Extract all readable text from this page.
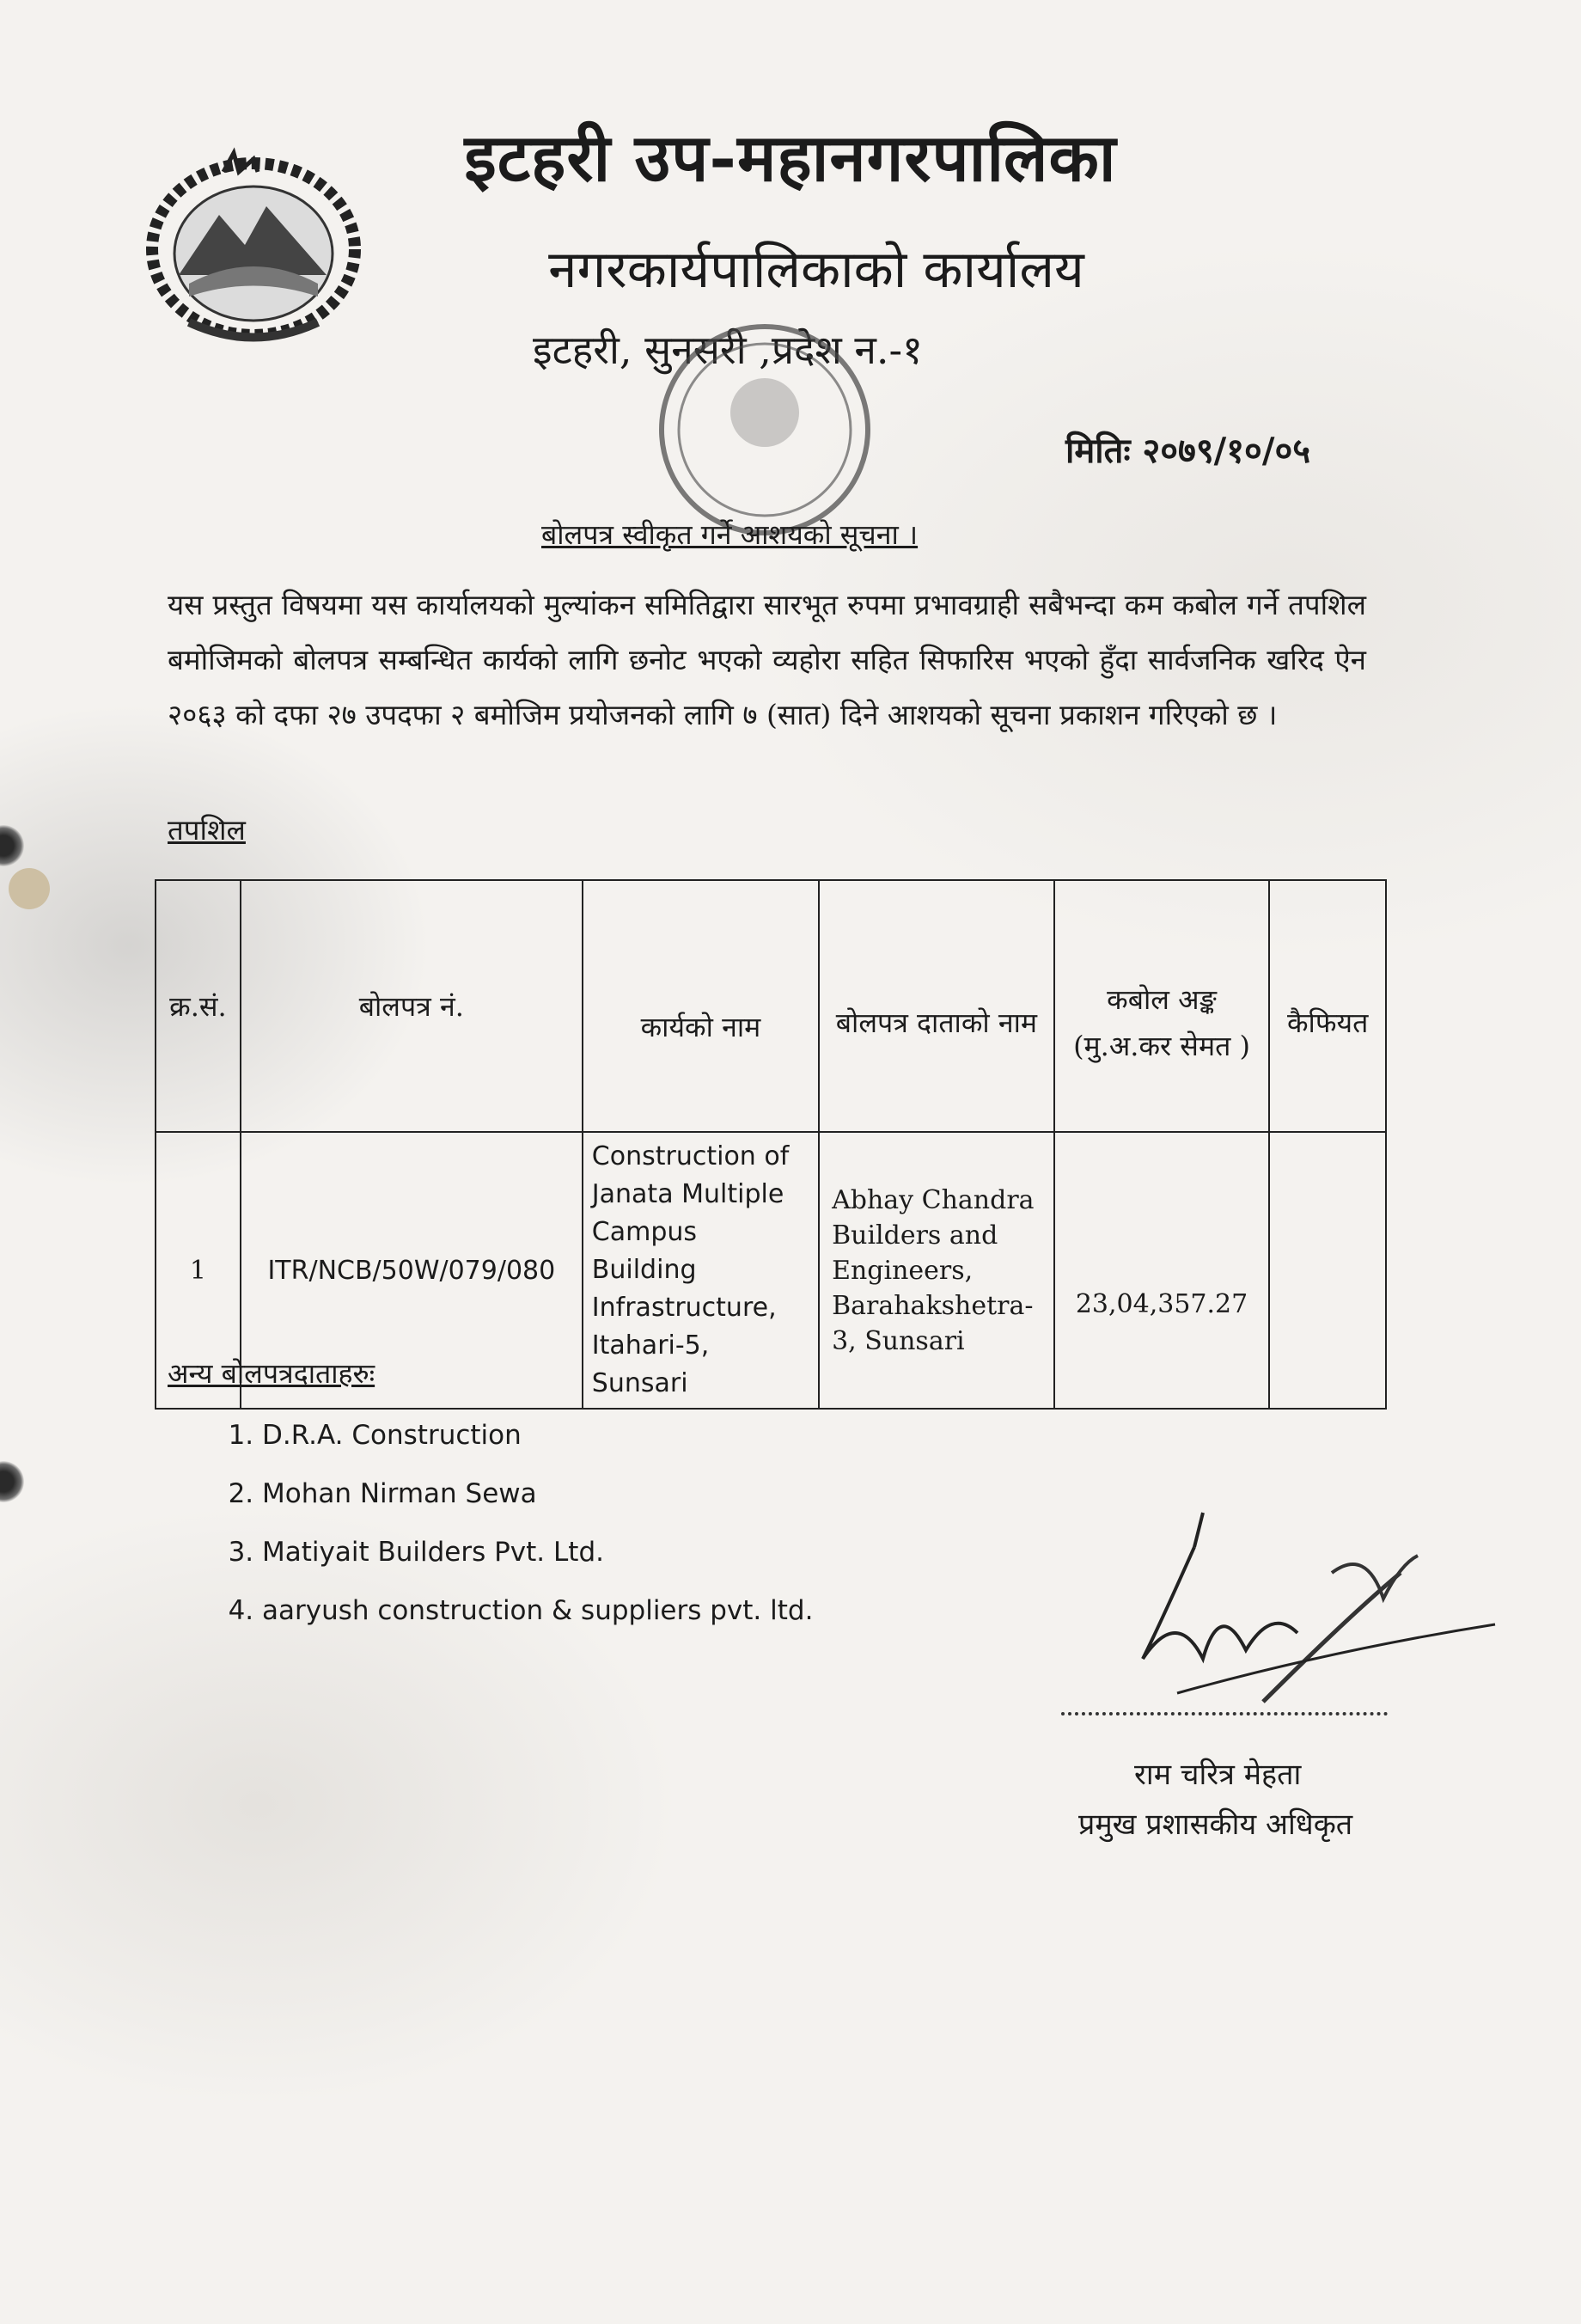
इटहरी उप-महानगरपालिका
नगरकार्यपालिकाको कार्यालय
इटहरी, सुनसरी ,प्रदेश न.-१
मितिः २०७९/१०/०५
बोलपत्र स्वीकृत गर्ने आशयको सूचना ।
यस प्रस्तुत विषयमा यस कार्यालयको मुल्यांकन समितिद्वारा सारभूत रुपमा प्रभावग्राही सबैभन्दा कम कबोल गर्ने तपशिल बमोजिमको बोलपत्र सम्बन्धित कार्यको लागि छनोट भएको व्यहोरा सहित सिफारिस भएको हुँदा सार्वजनिक खरिद ऐन २०६३ को दफा २७ उपदफा २ बमोजिम प्रयोजनको लागि ७ (सात) दिने आशयको सूचना प्रकाशन गरिएको छ ।
तपशिल
क्र.सं.	बोलपत्र नं.	कार्यको नाम	बोलपत्र दाताको नाम	कबोल अङ्क (मु.अ.कर सेमत )	कैफियत
1	ITR/NCB/50W/079/080	Construction of Janata Multiple Campus Building Infrastructure, Itahari-5, Sunsari	Abhay Chandra Builders and Engineers, Barahakshetra-3, Sunsari	23,04,357.27	
अन्य बोलपत्रदाताहरुः
1. D.R.A. Construction
2. Mohan Nirman Sewa
3. Matiyait Builders Pvt. Ltd.
4. aaryush construction & suppliers pvt. ltd.
राम चरित्र मेहता
प्रमुख प्रशासकीय अधिकृत
